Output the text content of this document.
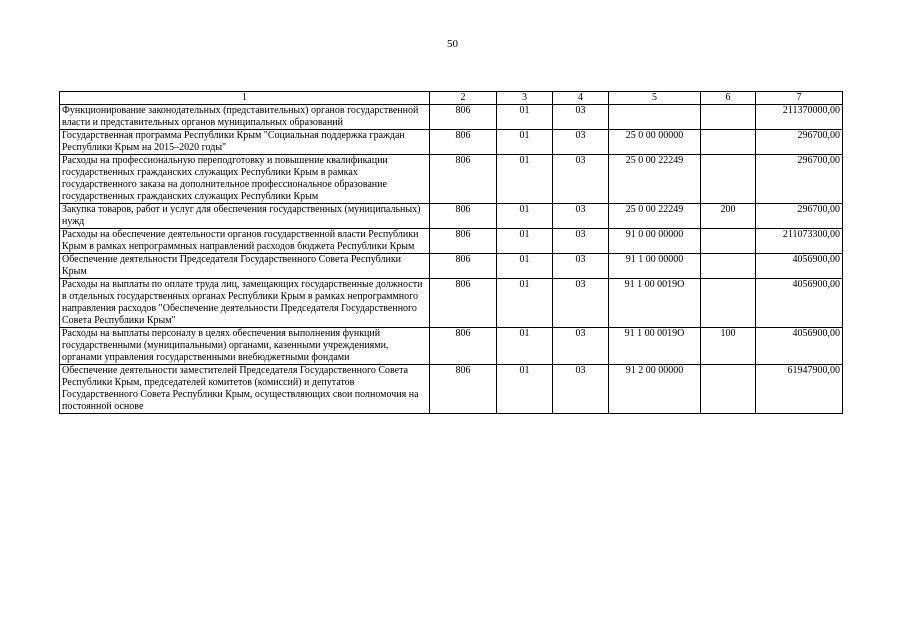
50
1	2	3	4	5	6	7
Функционирование законодательных (представительных) органов государственной власти и представительных органов муниципальных образований	806	01	03			211370000,00
Государственная программа Республики Крым "Социальная поддержка граждан Республики Крым на 2015–2020 годы"	806	01	03	25 0 00 00000		296700,00
Расходы на профессиональную переподготовку и повышение квалификации государственных гражданских служащих Республики Крым в рамках государственного заказа на дополнительное профессиональное образование государственных гражданских служащих Республики Крым	806	01	03	25 0 00 22249		296700,00
Закупка товаров, работ и услуг для обеспечения государственных (муниципальных) нужд	806	01	03	25 0 00 22249	200	296700,00
Расходы на обеспечение деятельности органов государственной власти Республики Крым в рамках непрограммных направлений расходов бюджета Республики Крым	806	01	03	91 0 00 00000		211073300,00
Обеспечение деятельности Председателя Государственного Совета Республики Крым	806	01	03	91 1 00 00000		4056900,00
Расходы на выплаты по оплате труда лиц, замещающих государственные должности в отдельных государственных органах Республики Крым в рамках непрограммного направления расходов "Обеспечение деятельности Председателя Государственного Совета Республики Крым"	806	01	03	91 1 00 0019О		4056900,00
Расходы на выплаты персоналу в целях обеспечения выполнения функций государственными (муниципальными) органами, казенными учреждениями, органами управления государственными внебюджетными фондами	806	01	03	91 1 00 0019О	100	4056900,00
Обеспечение деятельности заместителей Председателя Государственного Совета Республики Крым, председателей комитетов (комиссий) и депутатов Государственного Совета Республики Крым, осуществляющих свои полномочия на постоянной основе	806	01	03	91 2 00 00000		61947900,00
